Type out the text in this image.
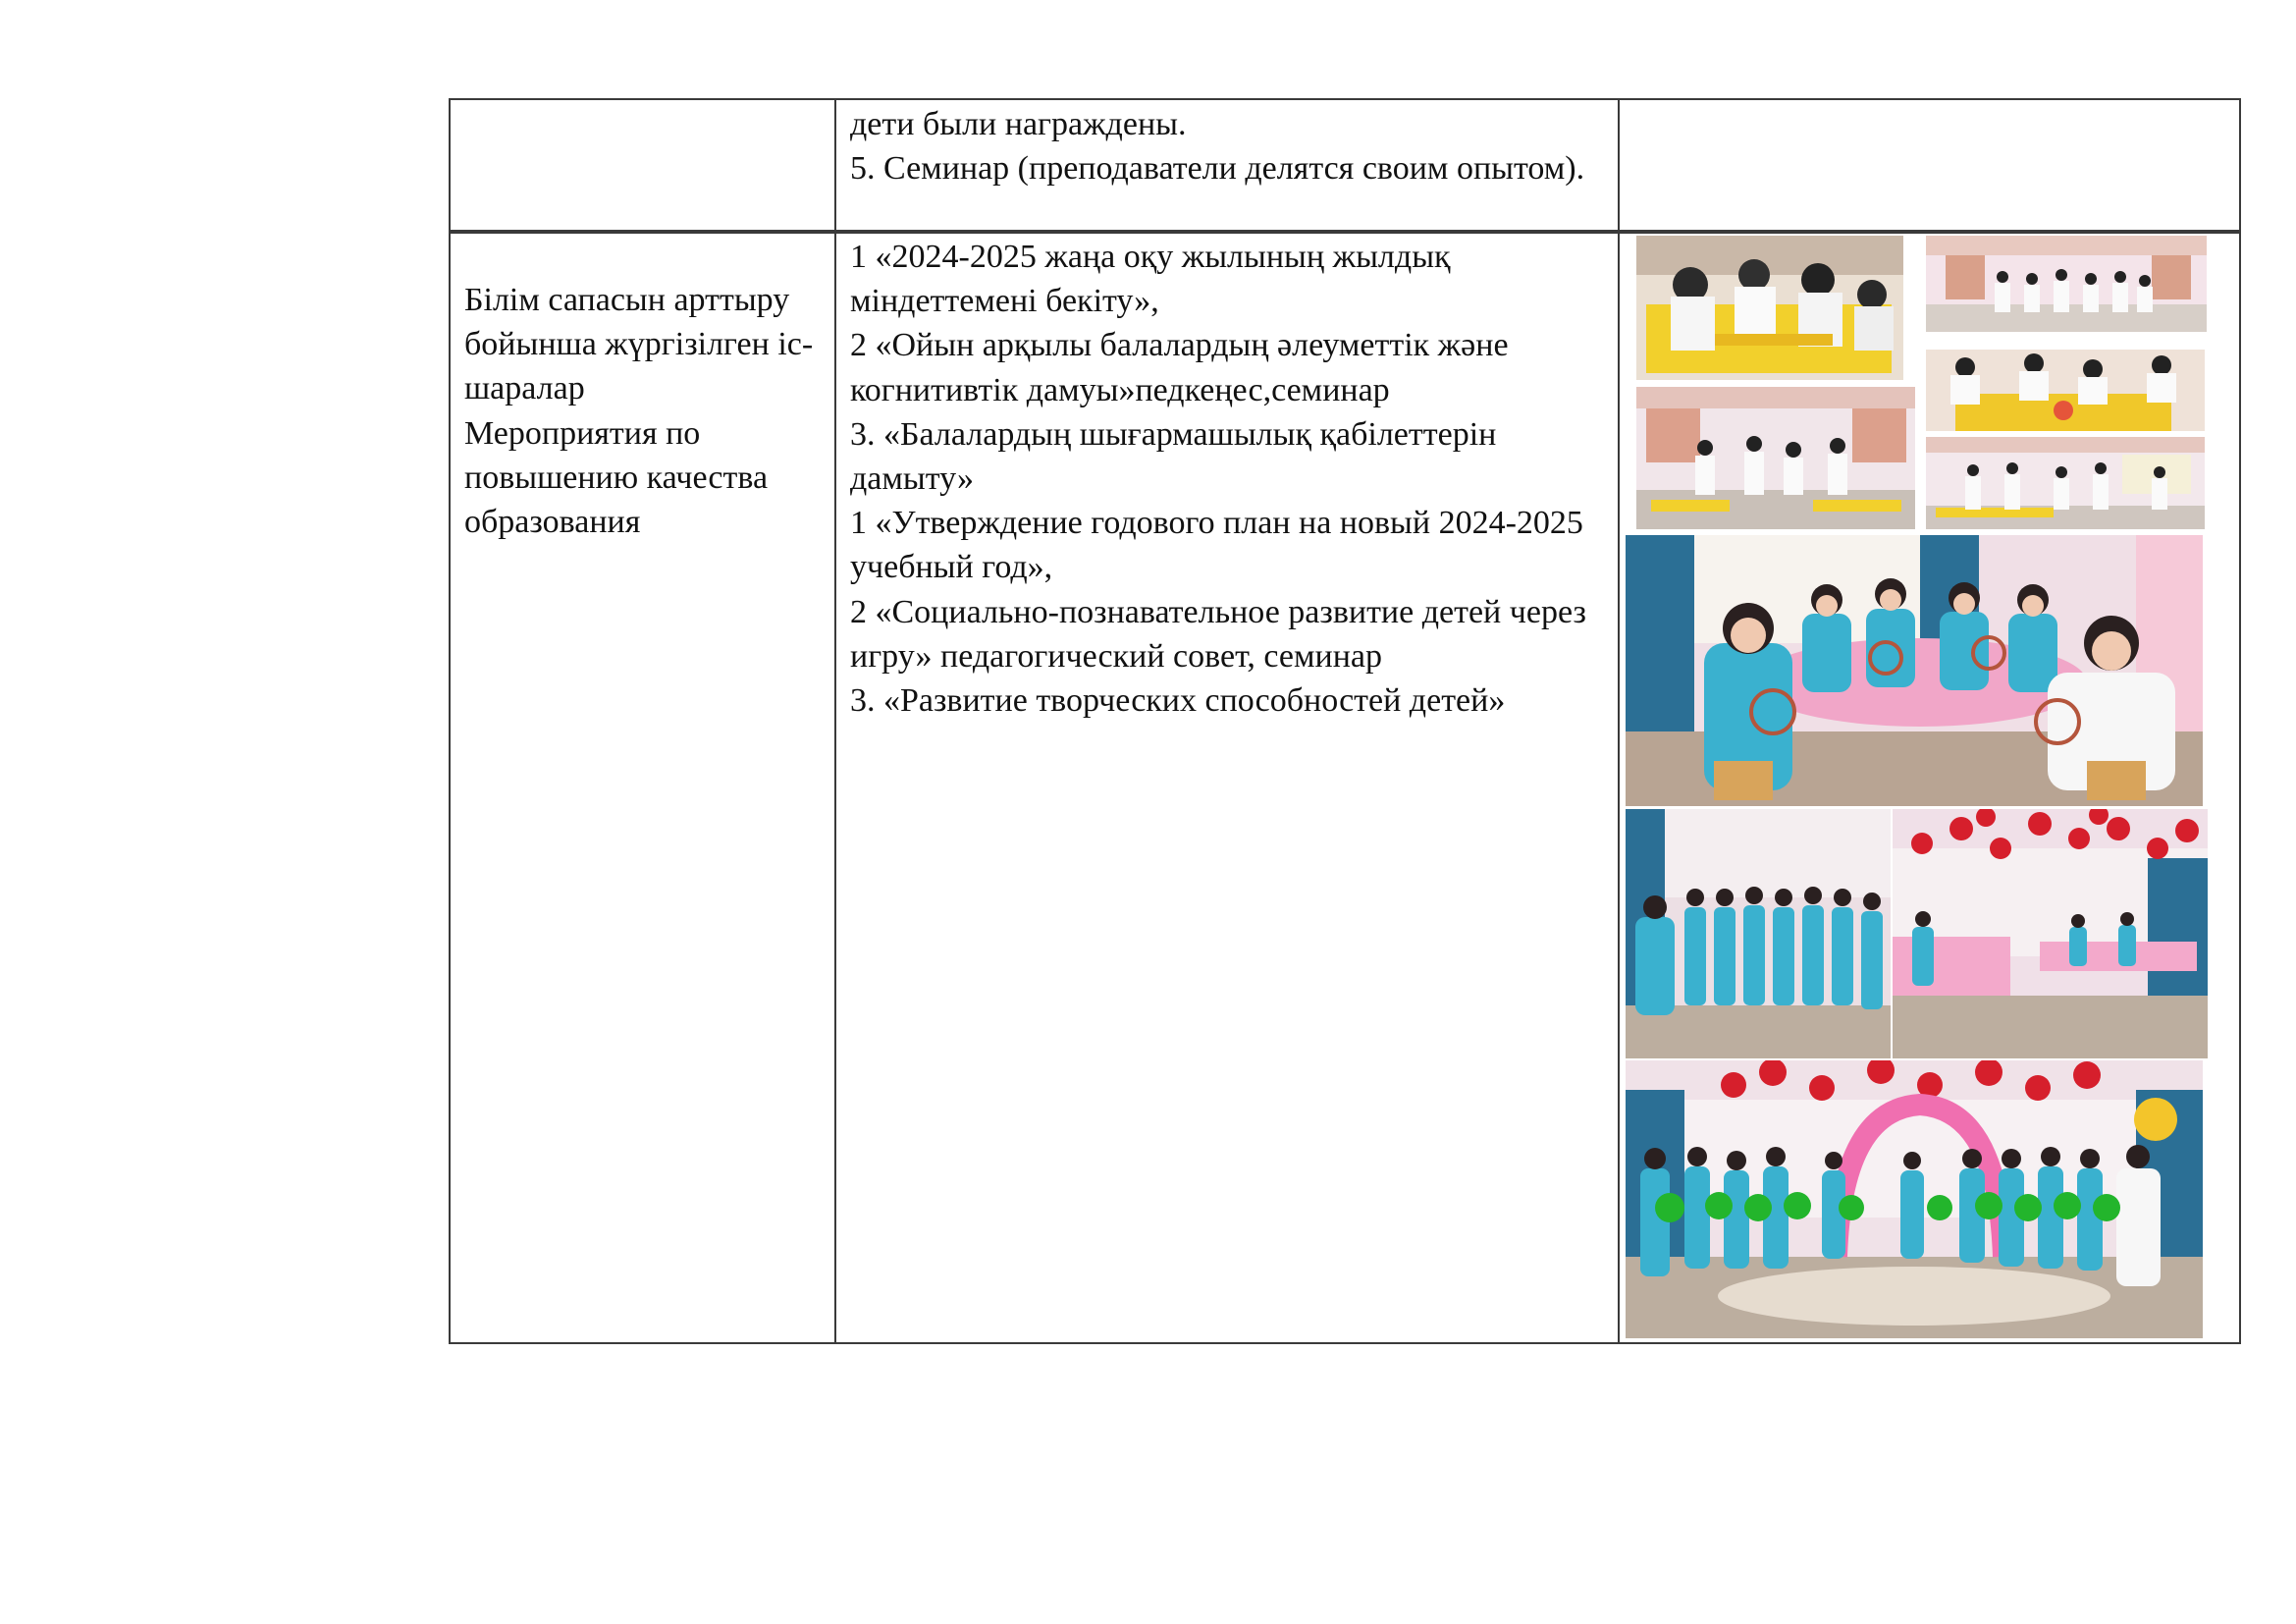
дети были награждены.
5. Семинар (преподаватели делятся своим опытом).
Білім сапасын арттыру бойынша жүргізілген іс-шаралар
Мероприятия по повышению качества образования
1 «2024-2025 жаңа оқу жылының жылдық міндеттемені бекіту»,
2 «Ойын арқылы балалардың әлеуметтік және когнитивтік дамуы»педкеңес,семинар
3. «Балалардың шығармашылық қабілеттерін дамыту»
1 «Утверждение годового план на новый 2024-2025 учебный год»,
2 «Социально-познавательное развитие детей через игру» педагогический совет, семинар
3. «Развитие творческих способностей детей»
